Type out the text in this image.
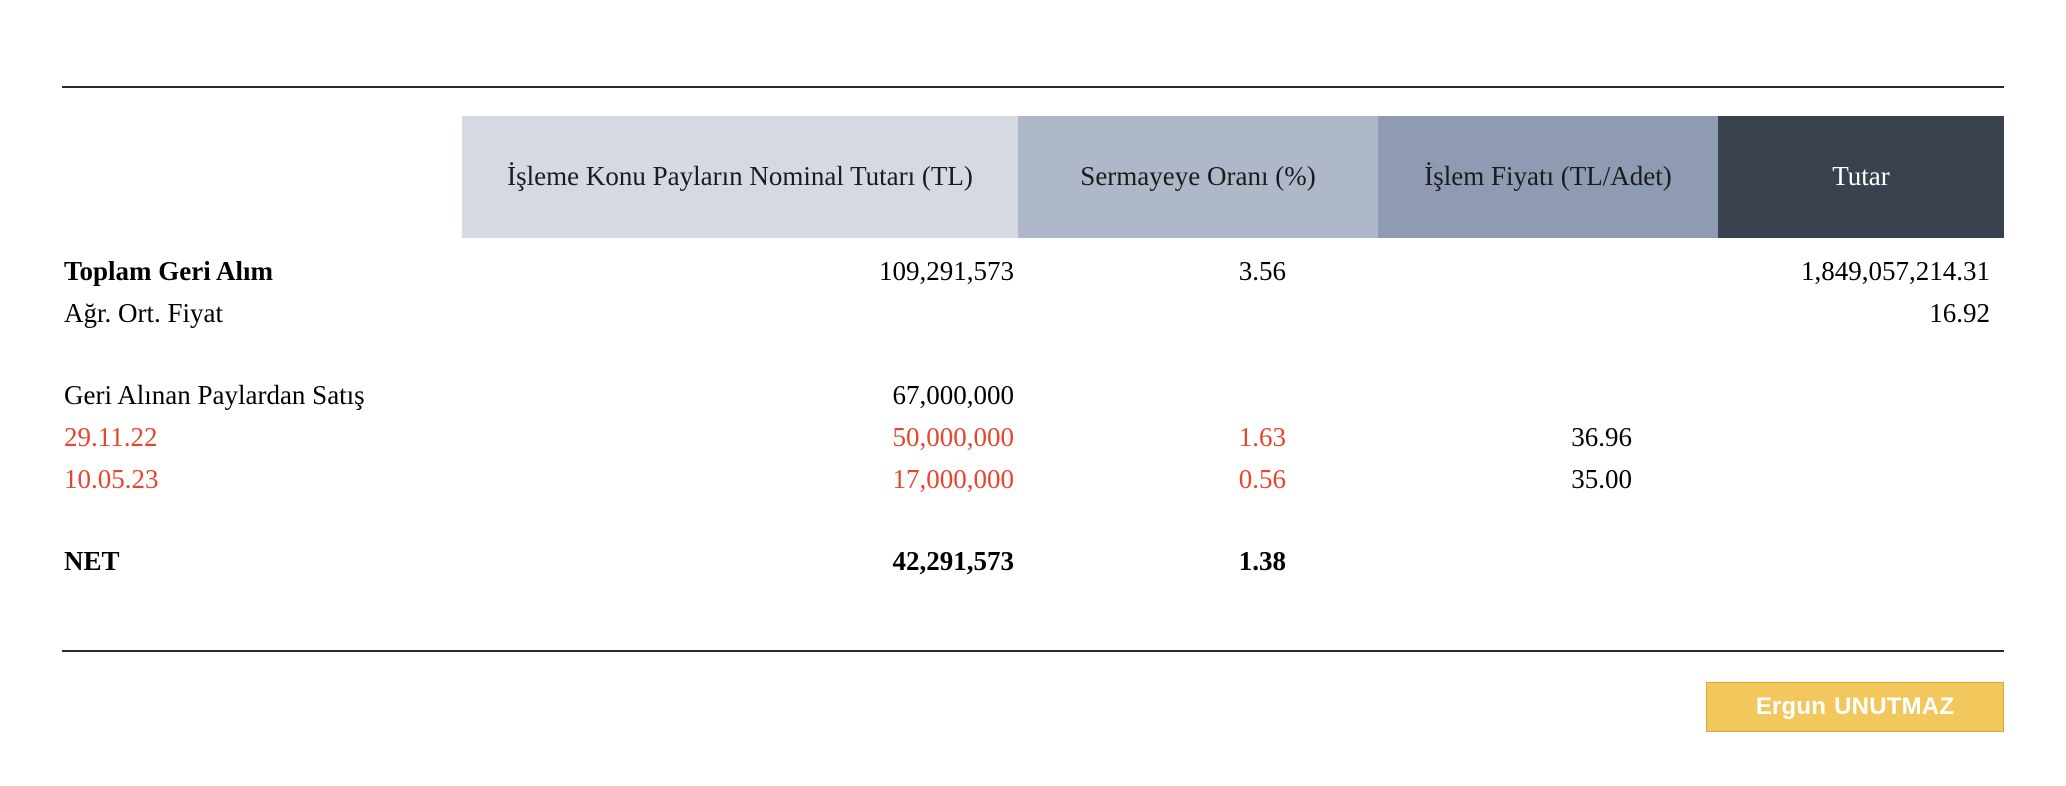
	İşleme Konu Payların Nominal Tutarı (TL)	Sermayeye Oranı (%)	İşlem Fiyatı (TL/Adet)	Tutar
Toplam Geri Alım	109,291,573	3.56		1,849,057,214.31
Ağr. Ort. Fiyat				16.92

Geri Alınan Paylardan Satış	67,000,000			
29.11.22	50,000,000	1.63	36.96	
10.05.23	17,000,000	0.56	35.00	

NET	42,291,573	1.38		
Ergun UNUTMAZ
